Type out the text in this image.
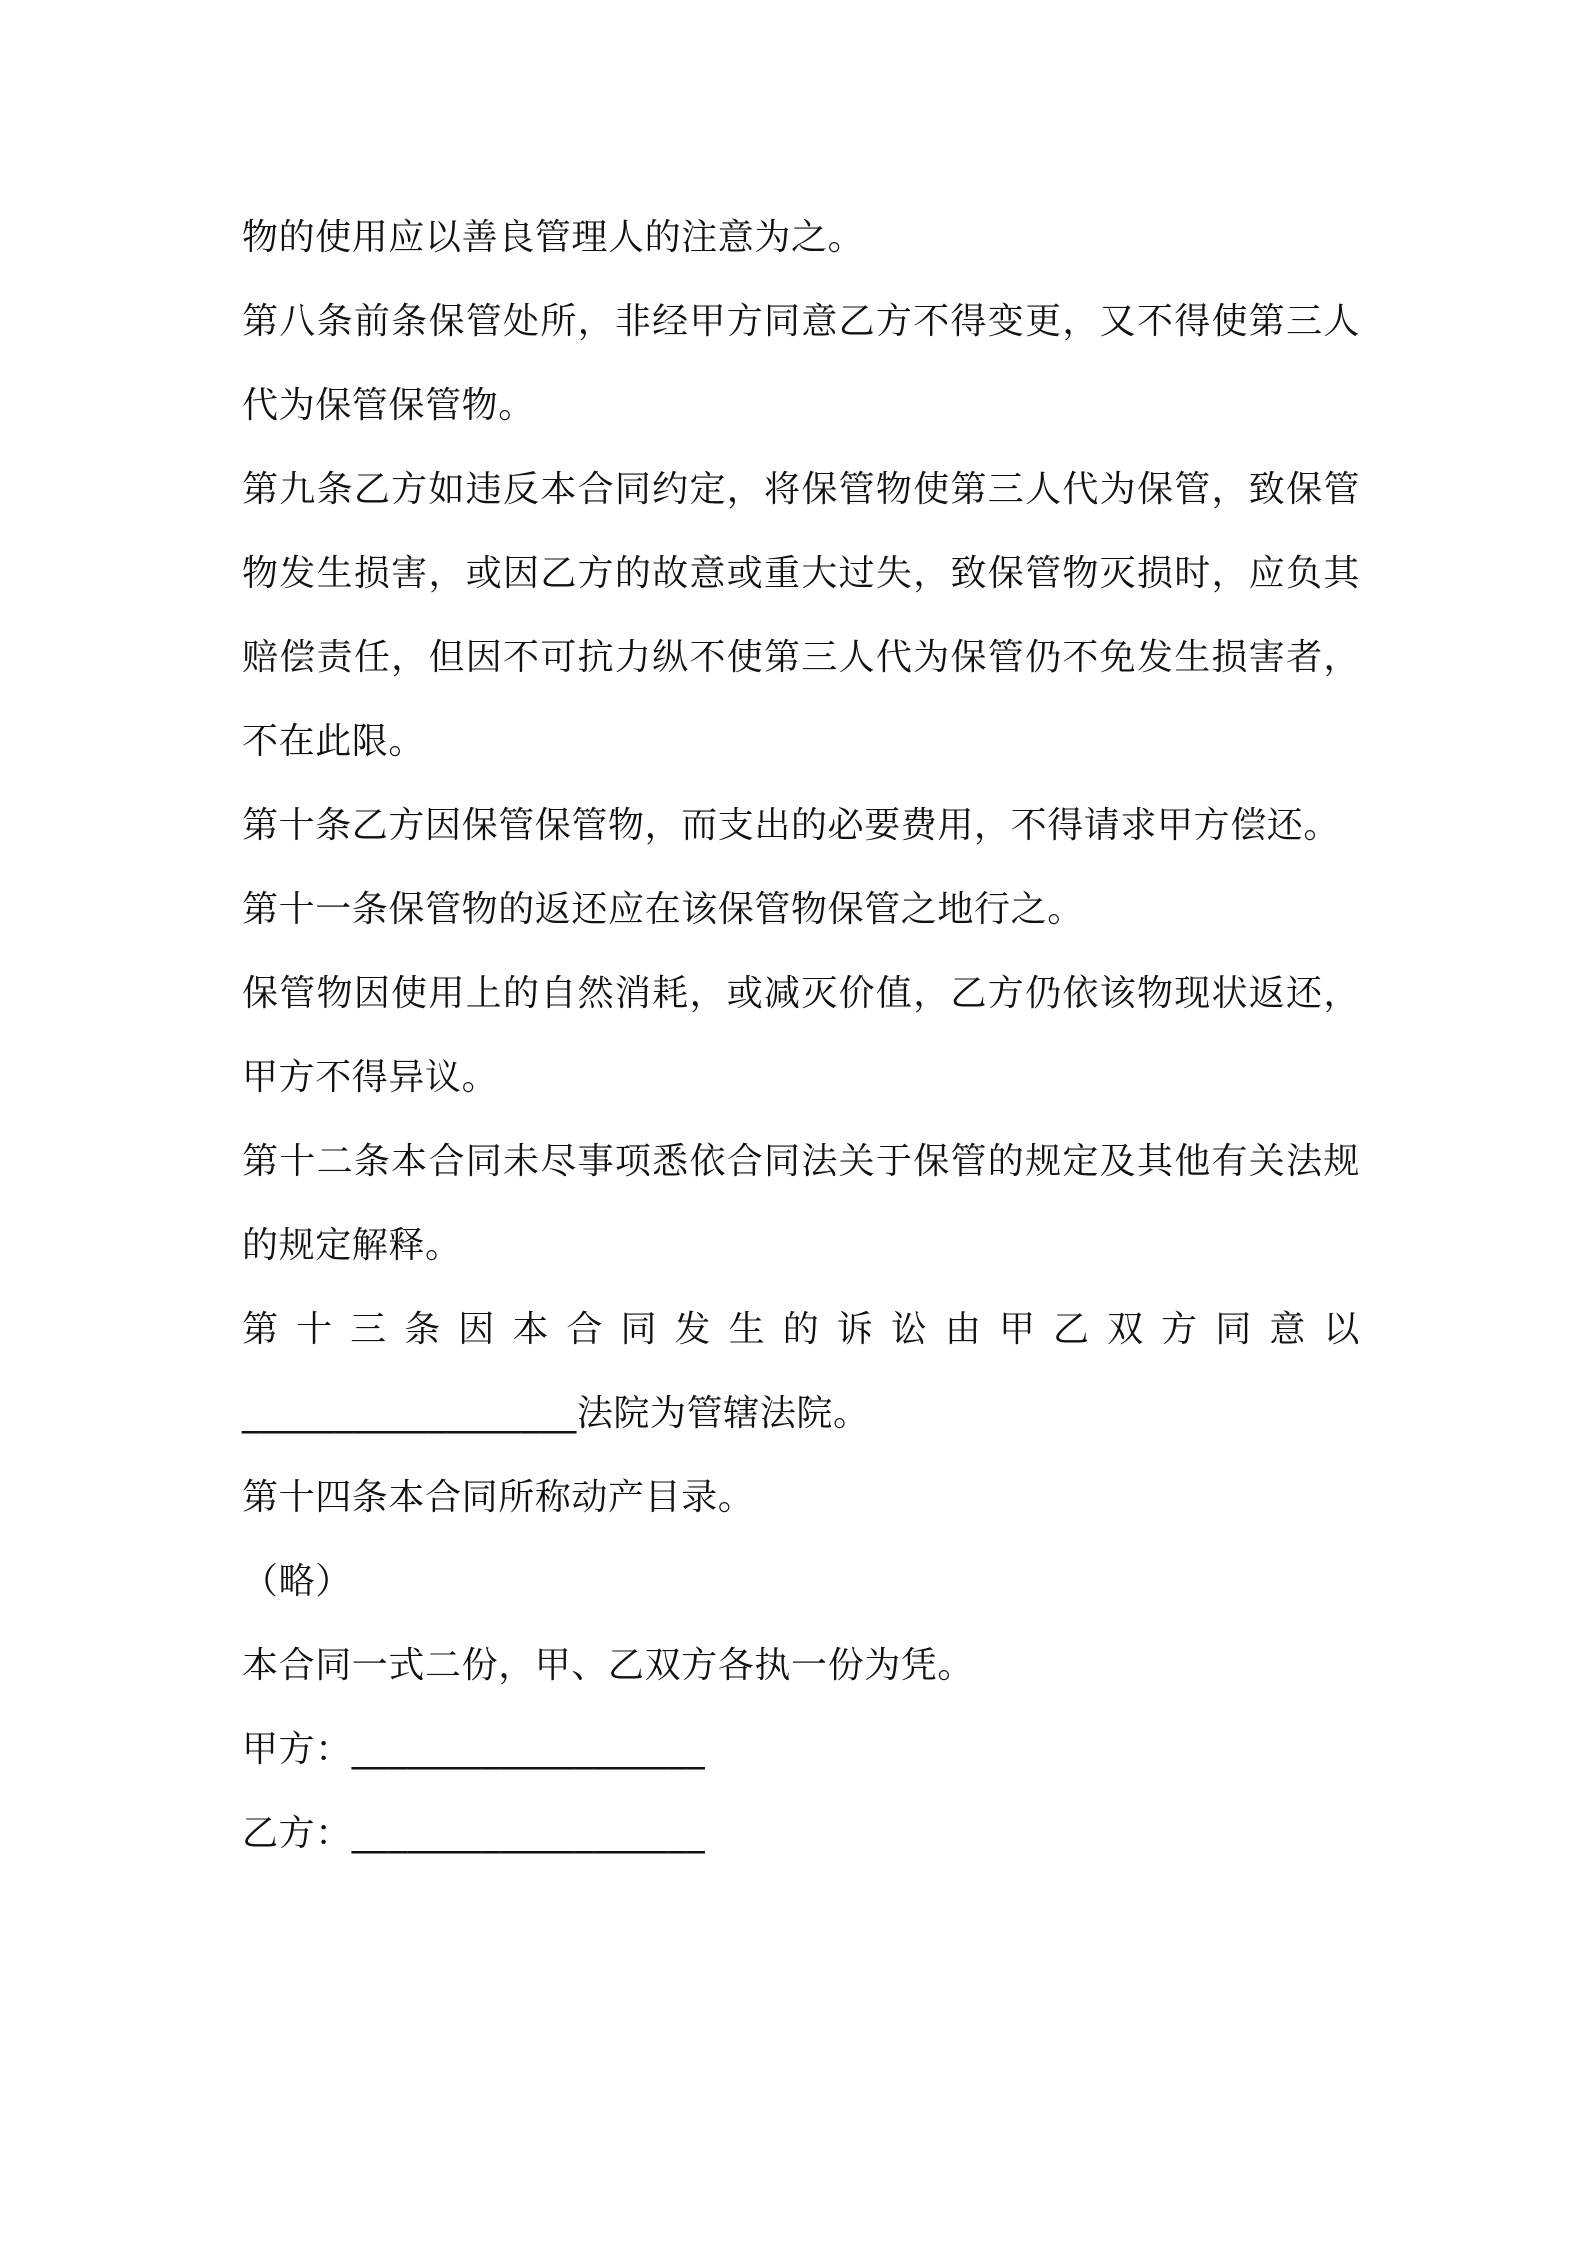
物的使用应以善良管理人的注意为之。

第八条前条保管处所，非经甲方同意乙方不得变更，又不得使第三人代为保管保管物。

第九条乙方如违反本合同约定，将保管物使第三人代为保管，致保管物发生损害，或因乙方的故意或重大过失，致保管物灭损时，应负其赔偿责任，但因不可抗力纵不使第三人代为保管仍不免发生损害者，不在此限。

第十条乙方因保管保管物，而支出的必要费用，不得请求甲方偿还。

第十一条保管物的返还应在该保管物保管之地行之。

保管物因使用上的自然消耗，或减灭价值，乙方仍依该物现状返还，甲方不得异议。

第十二条本合同未尽事项悉依合同法关于保管的规定及其他有关法规的规定解释。

第十三条因本合同发生的诉讼由甲乙双方同意以
__________________法院为管辖法院。

第十四条本合同所称动产目录。

（略）

本合同一式二份，甲、乙双方各执一份为凭。

甲方：___________________

乙方：___________________
